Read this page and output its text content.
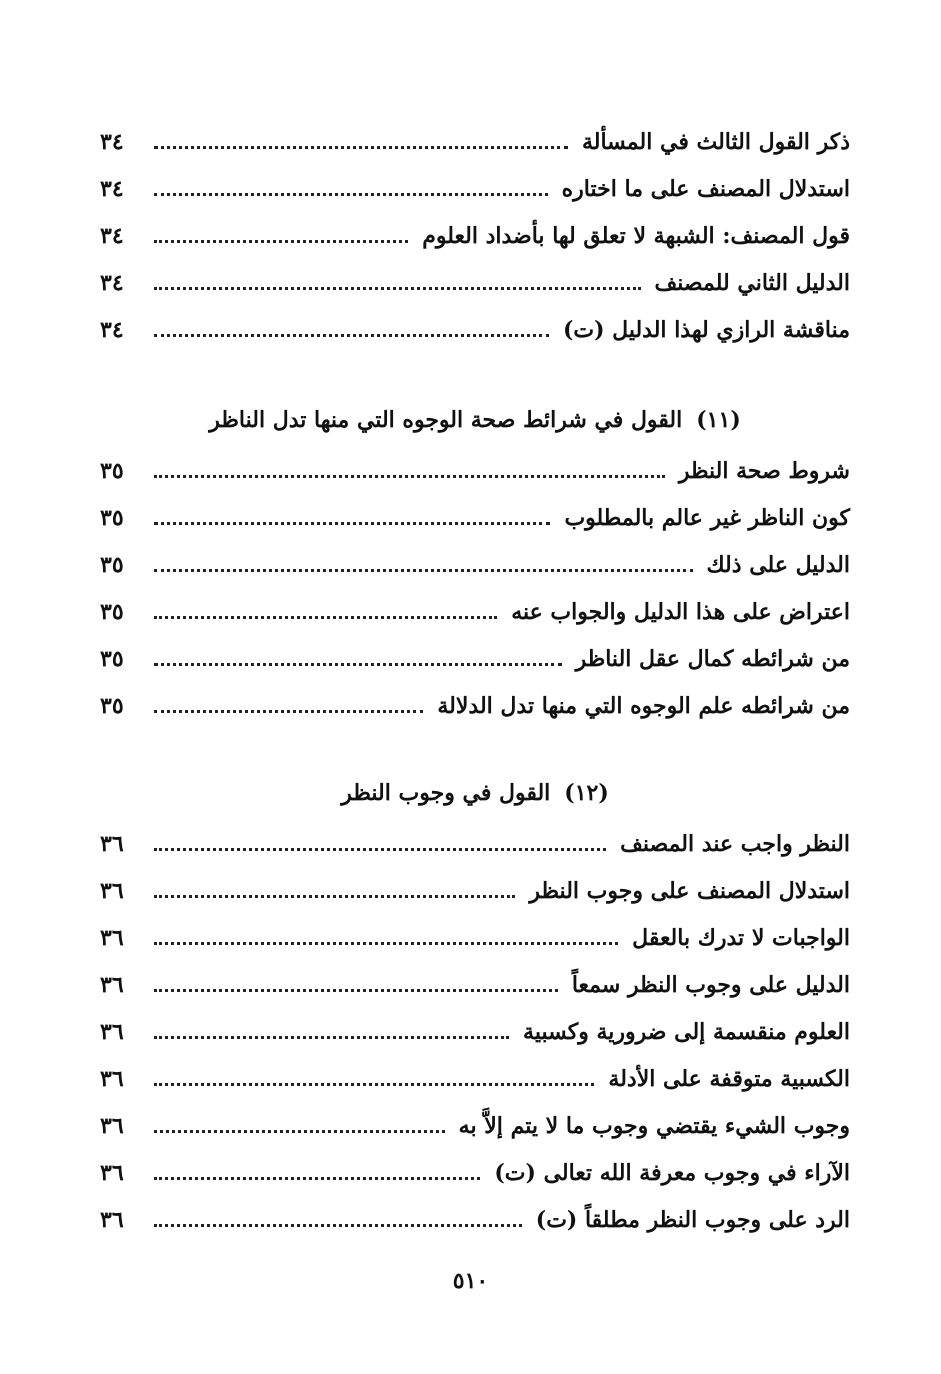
ذكر القول الثالث في المسألة
٣٤
استدلال المصنف على ما اختاره
٣٤
قول المصنف: الشبهة لا تعلق لها بأضداد العلوم
٣٤
الدليل الثاني للمصنف
٣٤
مناقشة الرازي لهذا الدليل (ت)
٣٤
(١١)
القول في شرائط صحة الوجوه التي منها تدل الناظر
شروط صحة النظر
٣٥
كون الناظر غير عالم بالمطلوب
٣٥
الدليل على ذلك
٣٥
اعتراض على هذا الدليل والجواب عنه
٣٥
من شرائطه كمال عقل الناظر
٣٥
من شرائطه علم الوجوه التي منها تدل الدلالة
٣٥
(١٢)
القول في وجوب النظر
النظر واجب عند المصنف
٣٦
استدلال المصنف على وجوب النظر
٣٦
الواجبات لا تدرك بالعقل
٣٦
الدليل على وجوب النظر سمعاً
٣٦
العلوم منقسمة إلى ضرورية وكسبية
٣٦
الكسبية متوقفة على الأدلة
٣٦
وجوب الشيء يقتضي وجوب ما لا يتم إلاَّ به
٣٦
الآراء في وجوب معرفة الله تعالى (ت)
٣٦
الرد على وجوب النظر مطلقاً (ت)
٣٦
٥١٠
